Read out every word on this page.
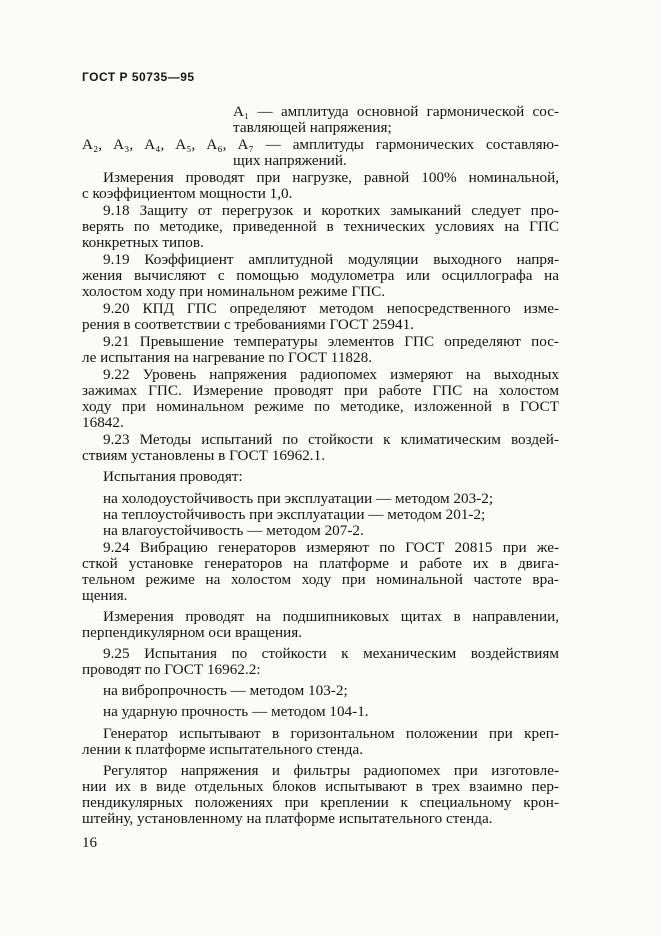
ГОСТ Р 50735—95
A₁ — амплитуда основной гармонической сос-
тавляющей напряжения;
A₂, A₃, A₄, A₅, A₆, A₇ — амплитуды гармонических составляю-
щих напряжений.
Измерения проводят при нагрузке, равной 100% номинальной,
с коэффициентом мощности 1,0.
9.18 Защиту от перегрузок и коротких замыканий следует про-
верять по методике, приведенной в технических условиях на ГПС
конкретных типов.
9.19 Коэффициент амплитудной модуляции выходного напря-
жения вычисляют с помощью модулометра или осциллографа на
холостом ходу при номинальном режиме ГПС.
9.20 КПД ГПС определяют методом непосредственного изме-
рения в соответствии с требованиями ГОСТ 25941.
9.21 Превышение температуры элементов ГПС определяют пос-
ле испытания на нагревание по ГОСТ 11828.
9.22 Уровень напряжения радиопомех измеряют на выходных
зажимах ГПС. Измерение проводят при работе ГПС на холостом
ходу при номинальном режиме по методике, изложенной в ГОСТ
16842.
9.23 Методы испытаний по стойкости к климатическим воздей-
ствиям установлены в ГОСТ 16962.1.
Испытания проводят:
на холодоустойчивость при эксплуатации — методом 203-2;
на теплоустойчивость при эксплуатации — методом 201-2;
на влагоустойчивость — методом 207-2.
9.24 Вибрацию генераторов измеряют по ГОСТ 20815 при же-
сткой установке генераторов на платформе и работе их в двига-
тельном режиме на холостом ходу при номинальной частоте вра-
щения.
Измерения проводят на подшипниковых щитах в направлении,
перпендикулярном оси вращения.
9.25 Испытания по стойкости к механическим воздействиям
проводят по ГОСТ 16962.2:
на вибропрочность — методом 103-2;
на ударную прочность — методом 104-1.
Генератор испытывают в горизонтальном положении при креп-
лении к платформе испытательного стенда.
Регулятор напряжения и фильтры радиопомех при изготовле-
нии их в виде отдельных блоков испытывают в трех взаимно пер-
пендикулярных положениях при креплении к специальному крон-
штейну, установленному на платформе испытательного стенда.
16
